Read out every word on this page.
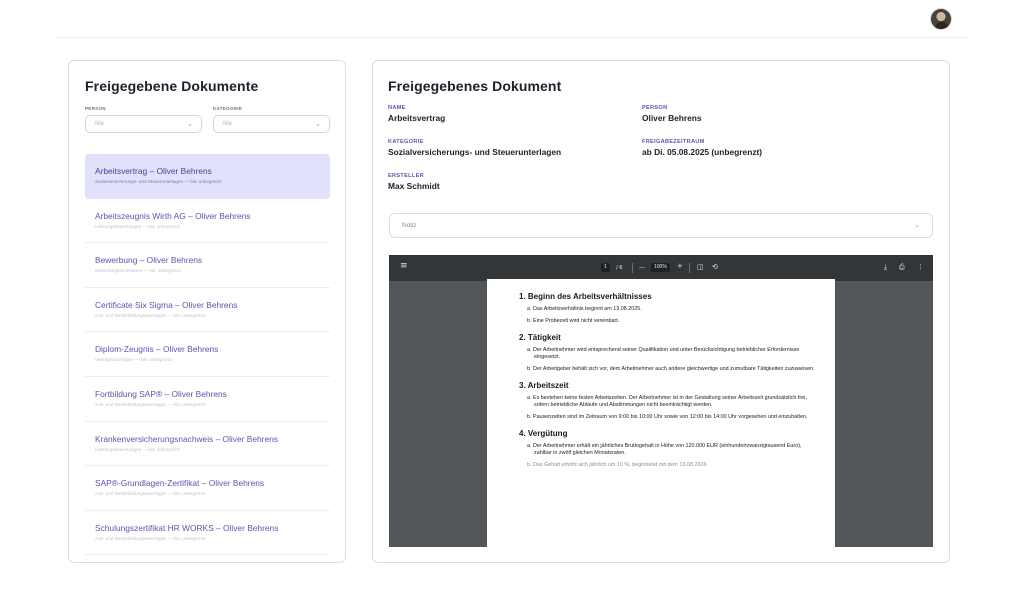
Freigegebene Dokumente
PERSON
Alle	⌄
KATEGORIE
Alle	⌄
Arbeitsvertrag – Oliver Behrens
Sozialversicherungs- und Steuerunterlagen — bis: unbegrenzt
Arbeitszeugnis Wirth AG – Oliver Behrens
Leistungsbewertungen — bis: unbegrenzt
Bewerbung – Oliver Behrens
Bewerbungsunterlagen — bis: unbegrenzt
Certificate Six Sigma – Oliver Behrens
Aus- und Weiterbildungsunterlagen — bis: unbegrenzt
Diplom-Zeugnis – Oliver Behrens
Vertragsunterlagen — bis: unbegrenzt
Fortbildung SAP® – Oliver Behrens
Aus- und Weiterbildungsunterlagen — bis: unbegrenzt
Krankenversicherungsnachweis – Oliver Behrens
Leistungsbewertungen — bis: unbegrenzt
SAP®-Grundlagen-Zertifikat – Oliver Behrens
Aus- und Weiterbildungsunterlagen — bis: unbegrenzt
Schulungszertifikat HR WORKS – Oliver Behrens
Aus- und Weiterbildungsunterlagen — bis: unbegrenzt
Freigegebenes Dokument
NAME
Arbeitsvertrag
PERSON
Oliver Behrens
KATEGORIE
Sozialversicherungs- und Steuerunterlagen
FREIGABEZEITRAUM
ab Di. 05.08.2025 (unbegrenzt)
ERSTELLER
Max Schmidt
Notiz	⌄
≡	1	/ 6	—	100%	+ ◫ ⟲	⤓ ⎙ ⋮
1. Beginn des Arbeitsverhältnisses
a. Das Arbeitsverhältnis beginnt am 13.08.2025.
b. Eine Probezeit wird nicht vereinbart.
2. Tätigkeit
a. Der Arbeitnehmer wird entsprechend seiner Qualifikation und unter Berücksichtigung betrieblicher Erfordernisse eingesetzt.
b. Der Arbeitgeber behält sich vor, dem Arbeitnehmer auch andere gleichwertige und zumutbare Tätigkeiten zuzuweisen.
3. Arbeitszeit
a. Es bestehen keine festen Arbeitszeiten. Der Arbeitnehmer ist in der Gestaltung seiner Arbeitszeit grundsätzlich frei, sofern betriebliche Abläufe und Abstimmungen nicht beeinträchtigt werden.
b. Pausenzeiten sind im Zeitraum von 9:00 bis 10:00 Uhr sowie von 12:00 bis 14:00 Uhr vorgesehen und einzuhalten.
4. Vergütung
a. Der Arbeitnehmer erhält ein jährliches Bruttogehalt in Höhe von 120.000 EUR (einhundertzwanzigtausend Euro), zahlbar in zwölf gleichen Monatsraten.
b. Das Gehalt erhöht sich jährlich um 10 %, beginnend mit dem 13.08.2026
